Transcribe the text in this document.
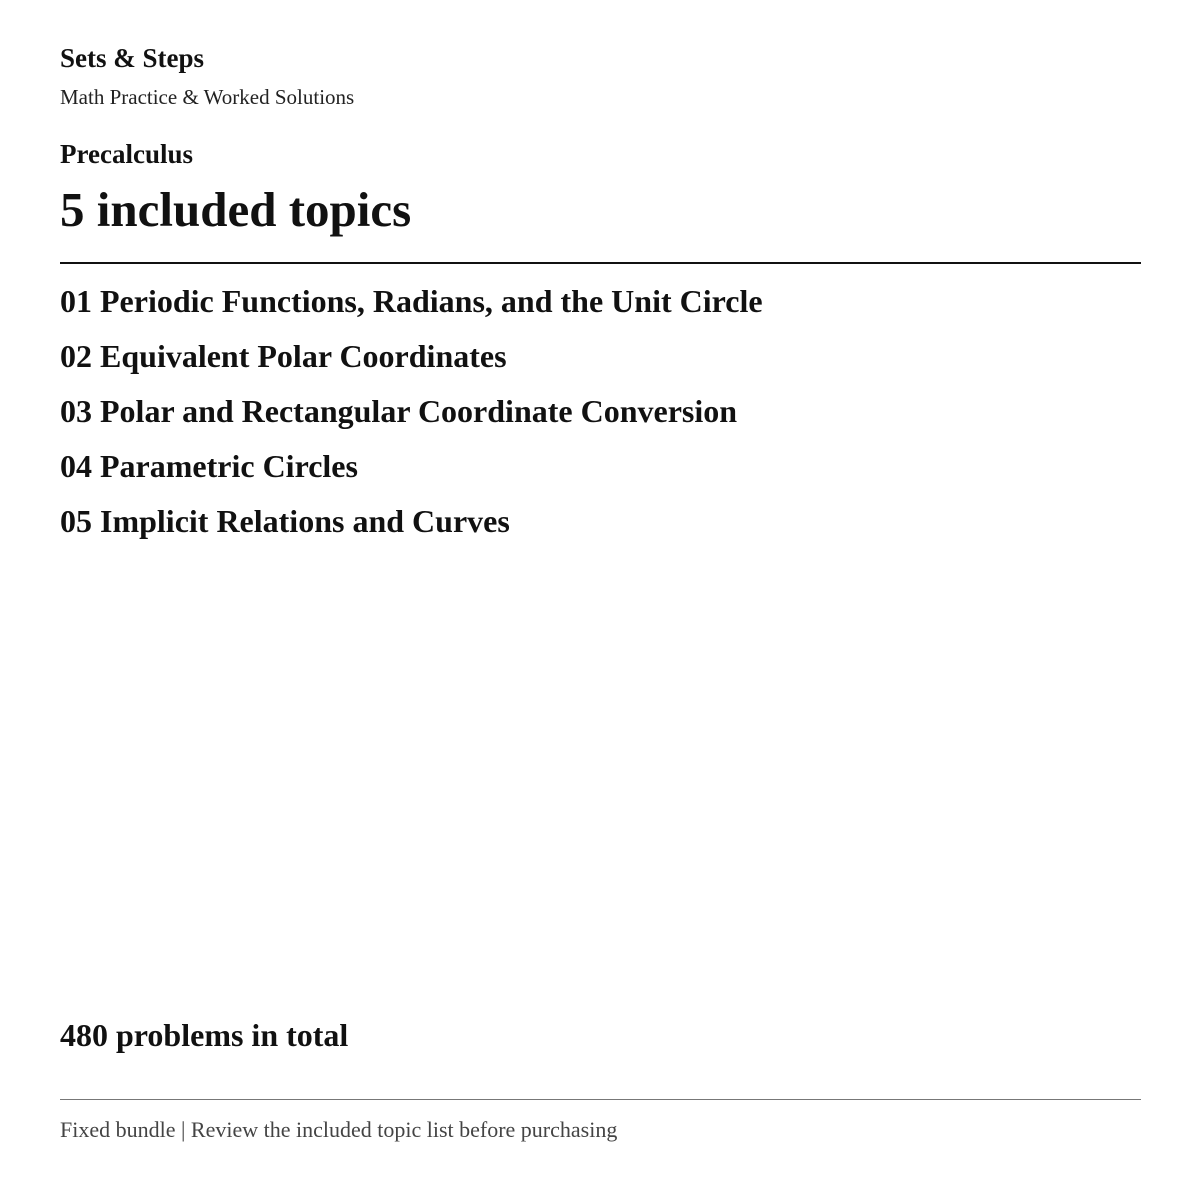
Sets & Steps
Math Practice & Worked Solutions
Precalculus
5 included topics
01 Periodic Functions, Radians, and the Unit Circle
02 Equivalent Polar Coordinates
03 Polar and Rectangular Coordinate Conversion
04 Parametric Circles
05 Implicit Relations and Curves
480 problems in total
Fixed bundle | Review the included topic list before purchasing
